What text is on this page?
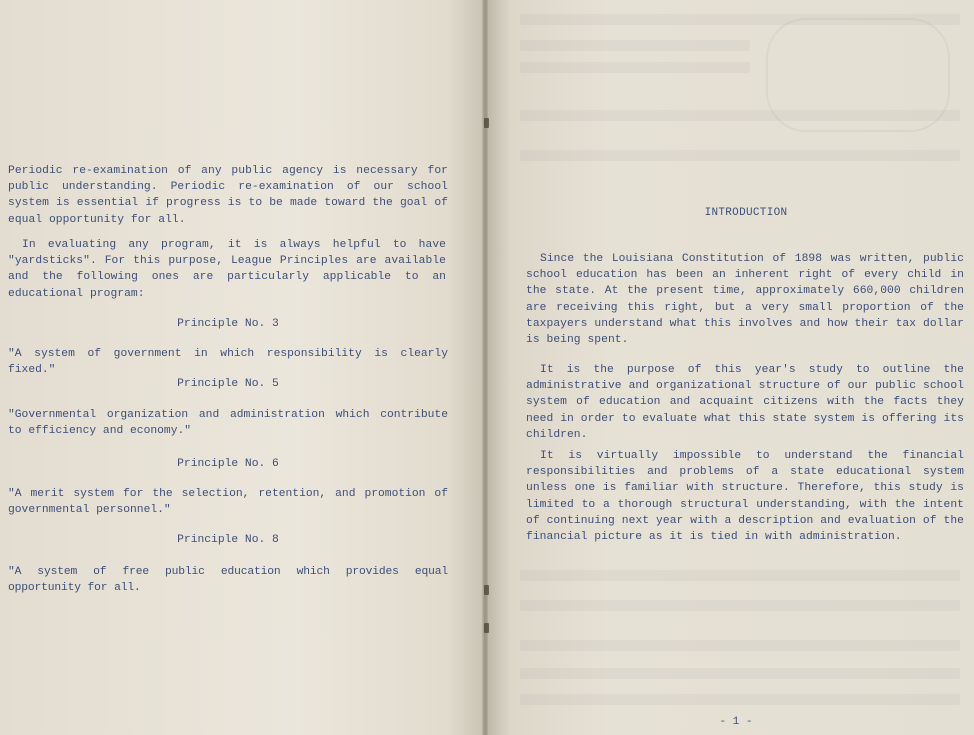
Periodic re-examination of any public agency is necessary for public understanding. Periodic re-examination of our school system is essential if progress is to be made toward the goal of equal opportunity for all.

In evaluating any program, it is always helpful to have "yardsticks". For this purpose, League Principles are available and the following ones are particularly applicable to an educational program:

Principle No. 3

"A system of government in which responsibility is clearly fixed."

Principle No. 5

"Governmental organization and administration which contribute to efficiency and economy."

Principle No. 6

"A merit system for the selection, retention, and promotion of governmental personnel."

Principle No. 8

"A system of free public education which provides equal opportunity for all.

INTRODUCTION

Since the Louisiana Constitution of 1898 was written, public school education has been an inherent right of every child in the state. At the present time, approximately 660,000 children are receiving this right, but a very small proportion of the taxpayers understand what this involves and how their tax dollar is being spent.

It is the purpose of this year's study to outline the administrative and organizational structure of our public school system of education and acquaint citizens with the facts they need in order to evaluate what this state system is offering its children.

It is virtually impossible to understand the financial responsibilities and problems of a state educational system unless one is familiar with structure. Therefore, this study is limited to a thorough structural understanding, with the intent of continuing next year with a description and evaluation of the financial picture as it is tied in with administration.

- 1 -
